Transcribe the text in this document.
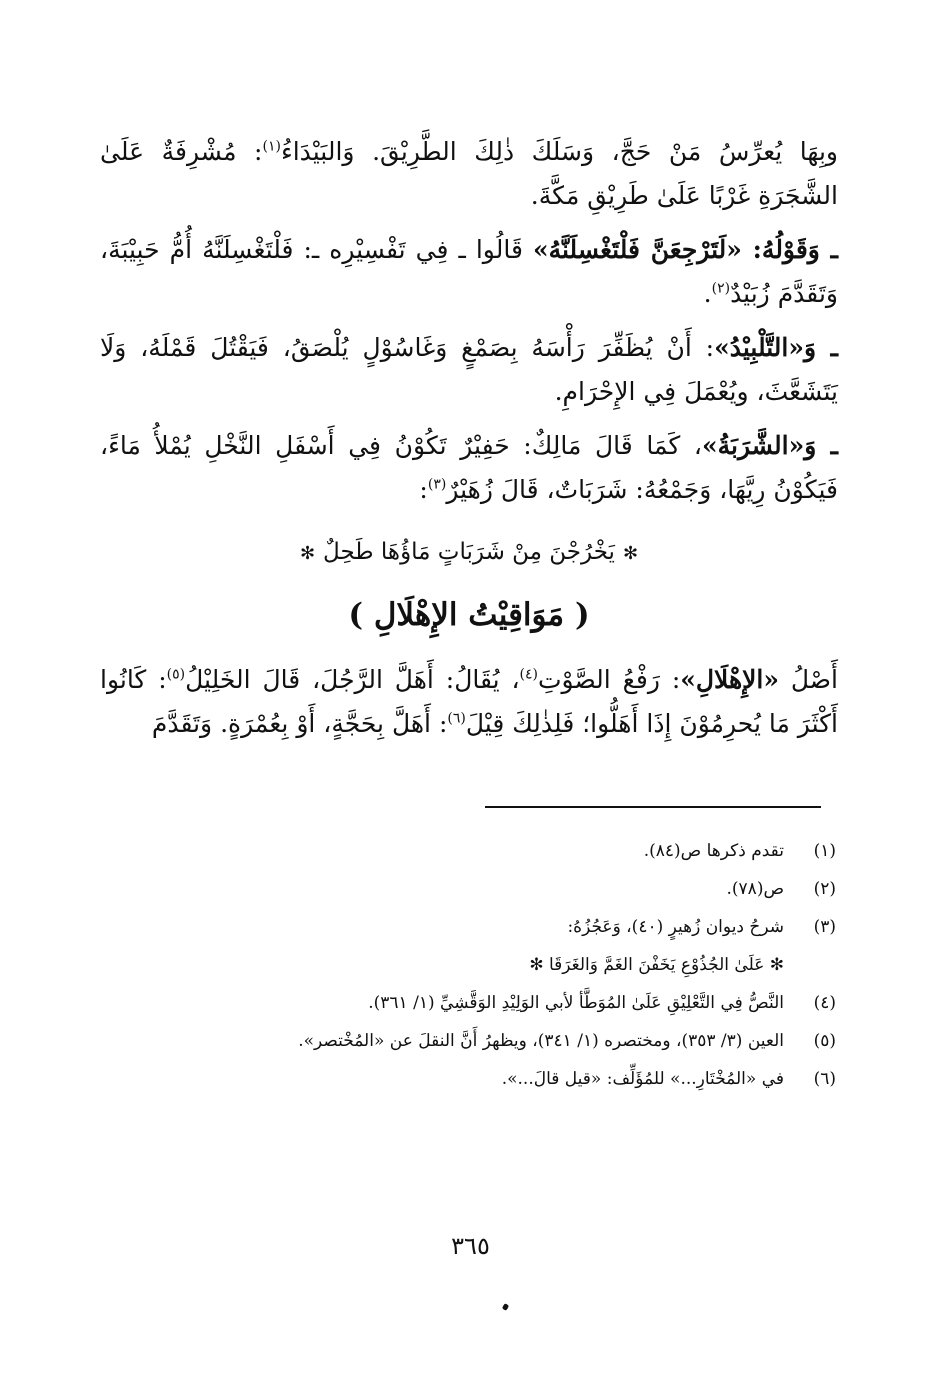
وبِهَا يُعرِّسُ مَنْ حَجَّ، وَسَلَكَ ذٰلِكَ الطَّرِيْقَ. وَالبَيْدَاءُ$^{(١)}$: مُشْرِفَةٌ عَلَىٰ الشَّجَرَةِ غَرْبًا عَلَىٰ طَرِيْقِ مَكَّةَ.

ـ وَقَوْلُهُ: «لَتَرْجِعَنَّ فَلْتَغْسِلَنَّهُ» قَالُوا ـ فِي تَفْسِيْرِه ـ: فَلْتَغْسِلَنَّهُ أُمُّ حَبِيْبَةَ، وَتَقَدَّمَ زُبَيْدٌ$^{(٢)}$.

ـ وَ«التَّلْبِيْدُ»: أَنْ يُظَفِّرَ رَأْسَهُ بِصَمْغٍ وَغَاسُوْلٍ يُلْصَقُ، فَيَقْتُلَ قَمْلَهُ، وَلَا يَتَشَعَّثَ، ويُعْمَلَ فِي الإِحْرَامِ.

ـ وَ«الشَّرَبَةُ»، كَمَا قَالَ مَالِكٌ: حَفِيْرٌ تَكُوْنُ فِي أَسْفَلِ النَّخْلِ يُمْلأُ مَاءً، فَيَكُوْنُ رِيَّهَا، وَجَمْعُهُ: شَرَبَاتٌ، قَالَ زُهَيْرٌ$^{(٣)}$:

✻يَخْرُجْنَ مِنْ شَرَبَاتٍ مَاؤُهَا طَحِلٌ✻
( مَوَاقِيْتُ الإِهْلَالِ )

أَصْلُ «الإِهْلَالِ»: رَفْعُ الصَّوْتِ$^{(٤)}$، يُقَالُ: أَهَلَّ الرَّجُلَ، قَالَ الخَلِيْلُ$^{(٥)}$: كَانُوا أَكْثَرَ مَا يُحرِمُوْنَ إِذَا أَهَلُّوا؛ فَلِذٰلِكَ قِيْلَ$^{(٦)}$: أَهَلَّ بِحَجَّةٍ، أَوْ بِعُمْرَةٍ. وَتَقَدَّمَ

(١)
تقدم ذكرها ص(٨٤).
(٢)
ص(٧٨).
(٣)
شرحُ ديوان زُهيرٍ (٤٠)، وَعَجُزُهُ:
✻ عَلَىٰ الجُذُوْعِ يَخَفْنَ الغَمَّ وَالغَرَقَا ✻
(٤)
النَّصُّ فِي التَّعْلِيْقِ عَلَىٰ المُوَطَّأ لأبي الوَلِيْدِ الوَقَّشِيِّ (١/ ٣٦١).
(٥)
العين (٣/ ٣٥٣)، ومختصره (١/ ٣٤١)، ويظهرُ أَنَّ النقلَ عن «المُخْتصر».
(٦)
في «المُخْتَارِ...» للمُؤَلِّف: «قيل قالَ...».
٣٦٥
